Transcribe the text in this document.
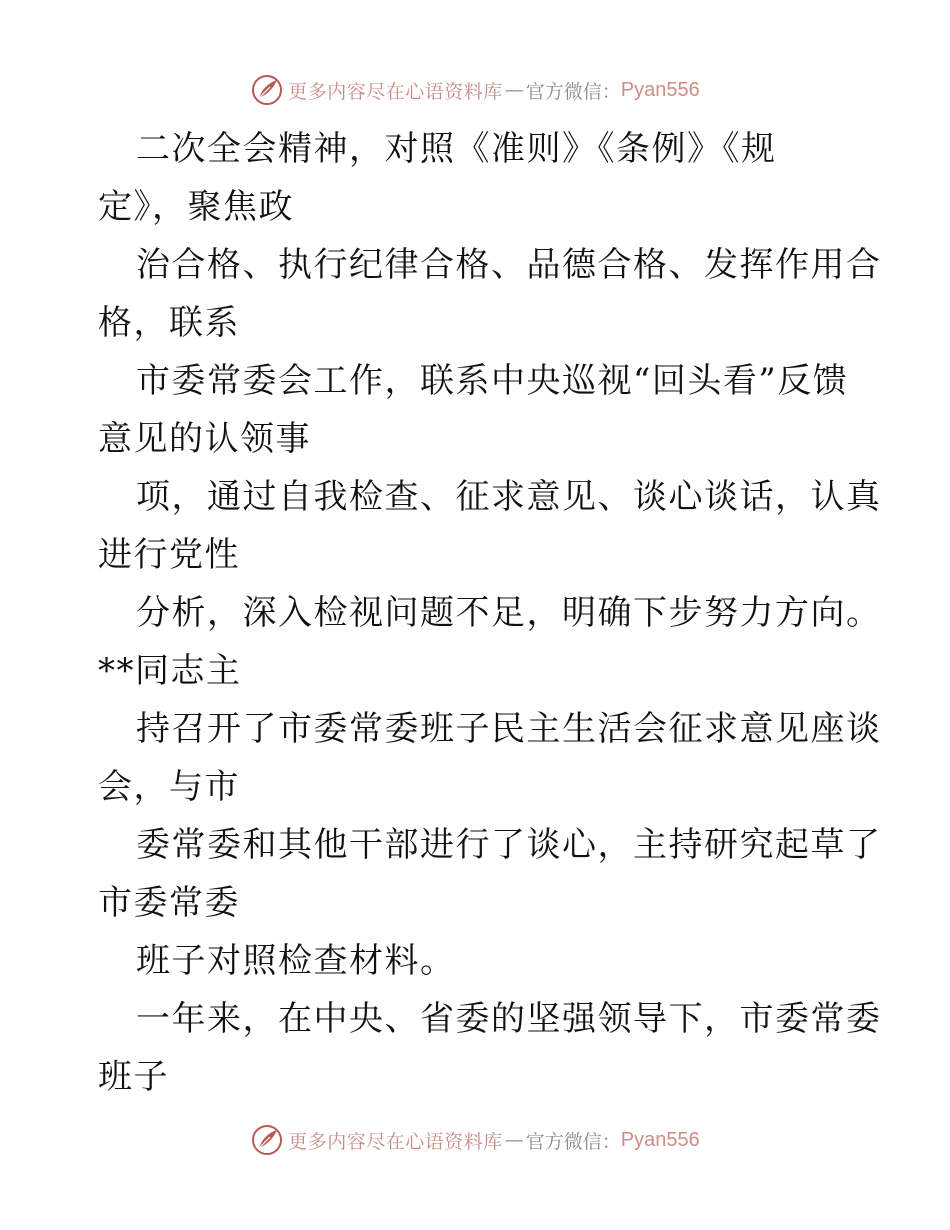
更多内容尽在心语资料库 — 官方微信： Pyan556
二次全会精神，对照《准则》《条例》《规
定》，聚焦政
治合格、执行纪律合格、品德合格、发挥作用合
格，联系
市委常委会工作，联系中央巡视“回头看”反馈
意见的认领事
项，通过自我检查、征求意见、谈心谈话，认真
进行党性
分析，深入检视问题不足，明确下步努力方向。
**同志主
持召开了市委常委班子民主生活会征求意见座谈
会，与市
委常委和其他干部进行了谈心，主持研究起草了
市委常委
班子对照检查材料。
一年来，在中央、省委的坚强领导下，市委常委
班子
更多内容尽在心语资料库 — 官方微信： Pyan556
